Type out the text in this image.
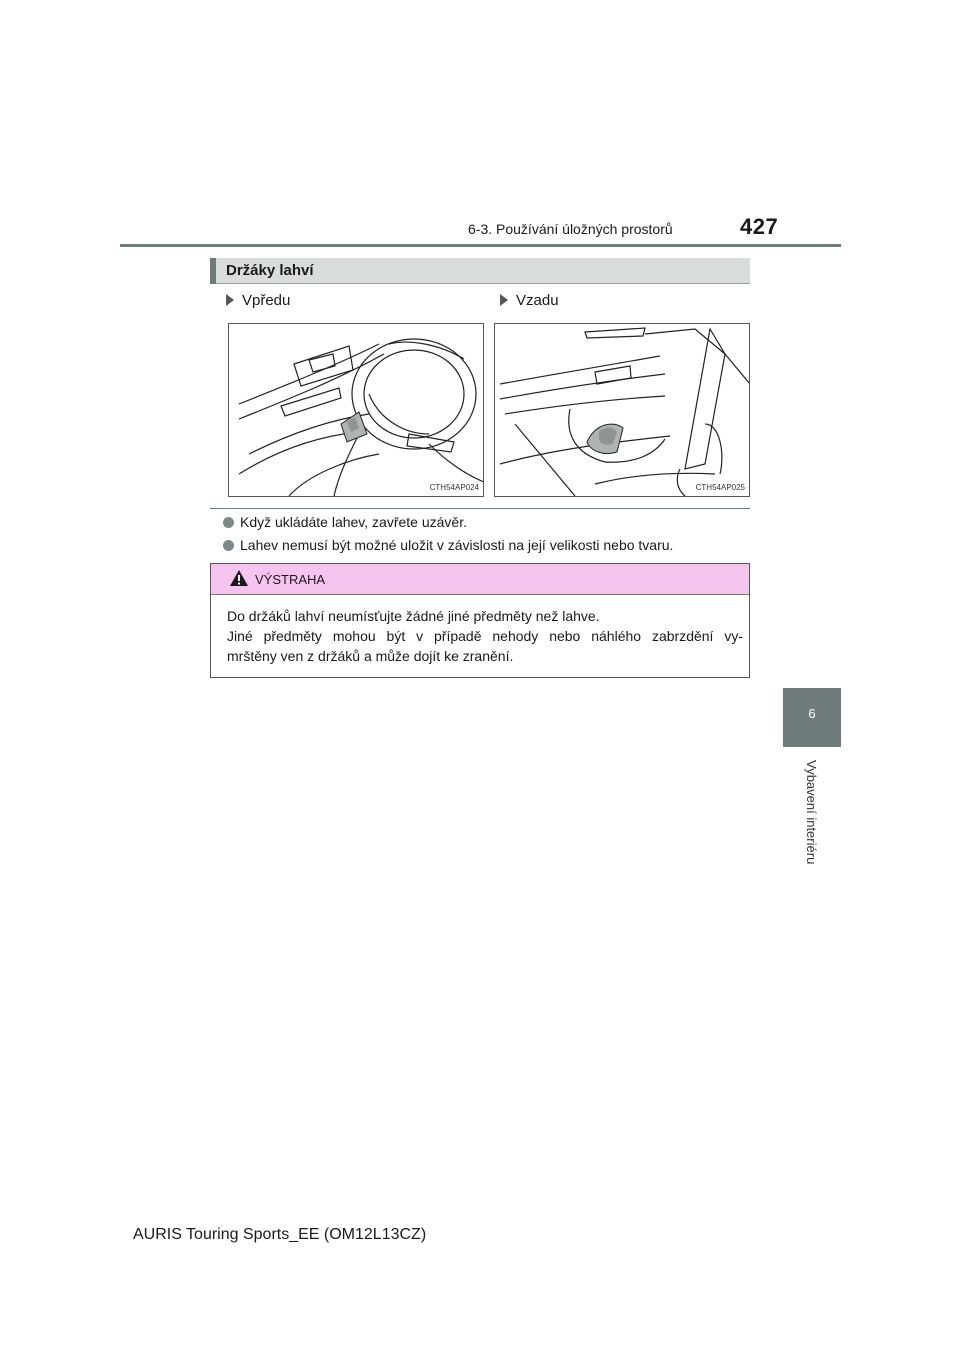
6-3. Používání úložných prostorů	427
6
Vybavení interiéru
Držáky lahví
Vpředu	Vzadu
CTH54AP024	CTH54AP025
Když ukládáte lahev, zavřete uzávěr.
Lahev nemusí být možné uložit v závislosti na její velikosti nebo tvaru.
VÝSTRAHA
Do držáků lahví neumísťujte žádné jiné předměty než lahve.
Jiné předměty mohou být v případě nehody nebo náhlého zabrzdění vy-
mrštěny ven z držáků a může dojít ke zranění.
AURIS Touring Sports_EE (OM12L13CZ)
